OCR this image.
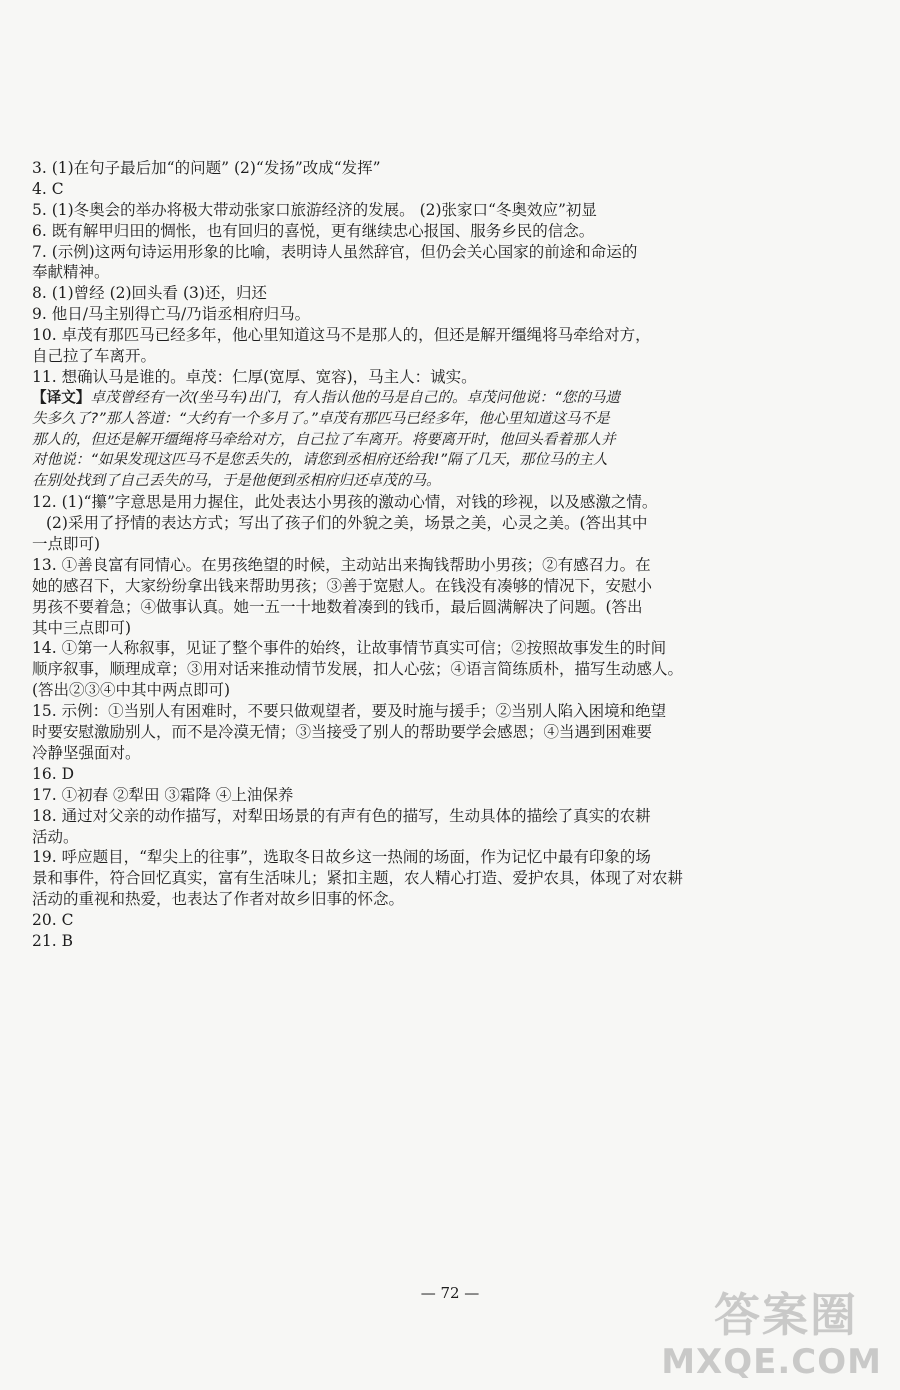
3. (1)在句子最后加“的问题” (2)“发扬”改成“发挥”
4. C
5. (1)冬奥会的举办将极大带动张家口旅游经济的发展。 (2)张家口“冬奥效应”初显
6. 既有解甲归田的惆怅，也有回归的喜悦，更有继续忠心报国、服务乡民的信念。
7. (示例)这两句诗运用形象的比喻，表明诗人虽然辞官，但仍会关心国家的前途和命运的
奉献精神。
8. (1)曾经 (2)回头看 (3)还，归还
9. 他日/马主别得亡马/乃诣丞相府归马。
10. 卓茂有那匹马已经多年，他心里知道这马不是那人的，但还是解开缰绳将马牵给对方，
自己拉了车离开。
11. 想确认马是谁的。卓茂：仁厚(宽厚、宽容)，马主人：诚实。
【译文】卓茂曾经有一次(坐马车)出门，有人指认他的马是自己的。卓茂问他说：“您的马遗
失多久了?”那人答道：“大约有一个多月了。”卓茂有那匹马已经多年，他心里知道这马不是
那人的，但还是解开缰绳将马牵给对方，自己拉了车离开。将要离开时，他回头看着那人并
对他说：“如果发现这匹马不是您丢失的，请您到丞相府还给我!”隔了几天，那位马的主人
在别处找到了自己丢失的马，于是他便到丞相府归还卓茂的马。
12. (1)“攥”字意思是用力握住，此处表达小男孩的激动心情，对钱的珍视，以及感激之情。
(2)采用了抒情的表达方式；写出了孩子们的外貌之美，场景之美，心灵之美。(答出其中
一点即可)
13. ①善良富有同情心。在男孩绝望的时候，主动站出来掏钱帮助小男孩；②有感召力。在
她的感召下，大家纷纷拿出钱来帮助男孩；③善于宽慰人。在钱没有凑够的情况下，安慰小
男孩不要着急；④做事认真。她一五一十地数着凑到的钱币，最后圆满解决了问题。(答出
其中三点即可)
14. ①第一人称叙事，见证了整个事件的始终，让故事情节真实可信；②按照故事发生的时间
顺序叙事，顺理成章；③用对话来推动情节发展，扣人心弦；④语言简练质朴，描写生动感人。
(答出②③④中其中两点即可)
15. 示例：①当别人有困难时，不要只做观望者，要及时施与援手；②当别人陷入困境和绝望
时要安慰激励别人，而不是冷漠无情；③当接受了别人的帮助要学会感恩；④当遇到困难要
冷静坚强面对。
16. D
17. ①初春 ②犁田 ③霜降 ④上油保养
18. 通过对父亲的动作描写，对犁田场景的有声有色的描写，生动具体的描绘了真实的农耕
活动。
19. 呼应题目，“犁尖上的往事”，选取冬日故乡这一热闹的场面，作为记忆中最有印象的场
景和事件，符合回忆真实，富有生活味儿；紧扣主题，农人精心打造、爱护农具，体现了对农耕
活动的重视和热爱，也表达了作者对故乡旧事的怀念。
20. C
21. B
— 72 —	答案圈
MXQE.COM
